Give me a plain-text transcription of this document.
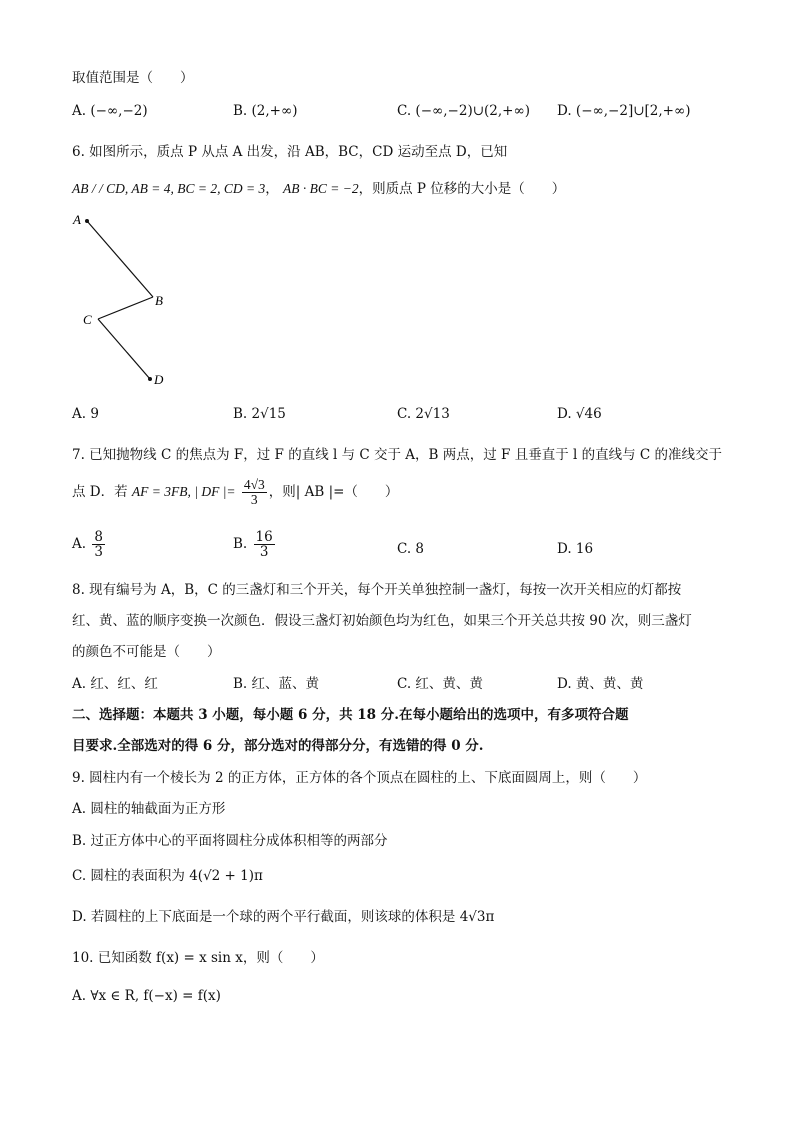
取值范围是（　　）
A. (−∞,−2)	B. (2,+∞)	C. (−∞,−2)∪(2,+∞) D. (−∞,−2]∪[2,+∞)
6. 如图所示，质点 P 从点 A 出发，沿 AB，BC，CD 运动至点 D，已知
AB / / CD, AB = 4, BC = 2, CD = 3， AB · BC = −2，则质点 P 位移的大小是（　　）
A
B
C
D
A. 9	B. 2√15	C. 2√13	D. √46
7. 已知抛物线 C 的焦点为 F，过 F 的直线 l 与 C 交于 A，B 两点，过 F 且垂直于 l 的直线与 C 的准线交于
点 D．若 AF = 3FB, | DF |= $\frac{4√3}{3}$ ，则| AB |=（　　）
A. $\frac{8}{3}$	B. $\frac{16}{3}$	C. 8	D. 16
8. 现有编号为 A，B，C 的三盏灯和三个开关，每个开关单独控制一盏灯，每按一次开关相应的灯都按
红、黄、蓝的顺序变换一次颜色．假设三盏灯初始颜色均为红色，如果三个开关总共按 90 次，则三盏灯
的颜色不可能是（　　）
A. 红、红、红	B. 红、蓝、黄	C. 红、黄、黄	D. 黄、黄、黄
二、选择题：本题共 3 小题，每小题 6 分，共 18 分.在每小题给出的选项中，有多项符合题
目要求.全部选对的得 6 分，部分选对的得部分分，有选错的得 0 分.
9. 圆柱内有一个棱长为 2 的正方体，正方体的各个顶点在圆柱的上、下底面圆周上，则（　　）
A. 圆柱的轴截面为正方形
B. 过正方体中心的平面将圆柱分成体积相等的两部分
C. 圆柱的表面积为 4(√2 + 1)π
D. 若圆柱的上下底面是一个球的两个平行截面，则该球的体积是 4√3π
10. 已知函数 f(x) = x sin x，则（　　）
A. ∀x ∈ R, f(−x) = f(x)
